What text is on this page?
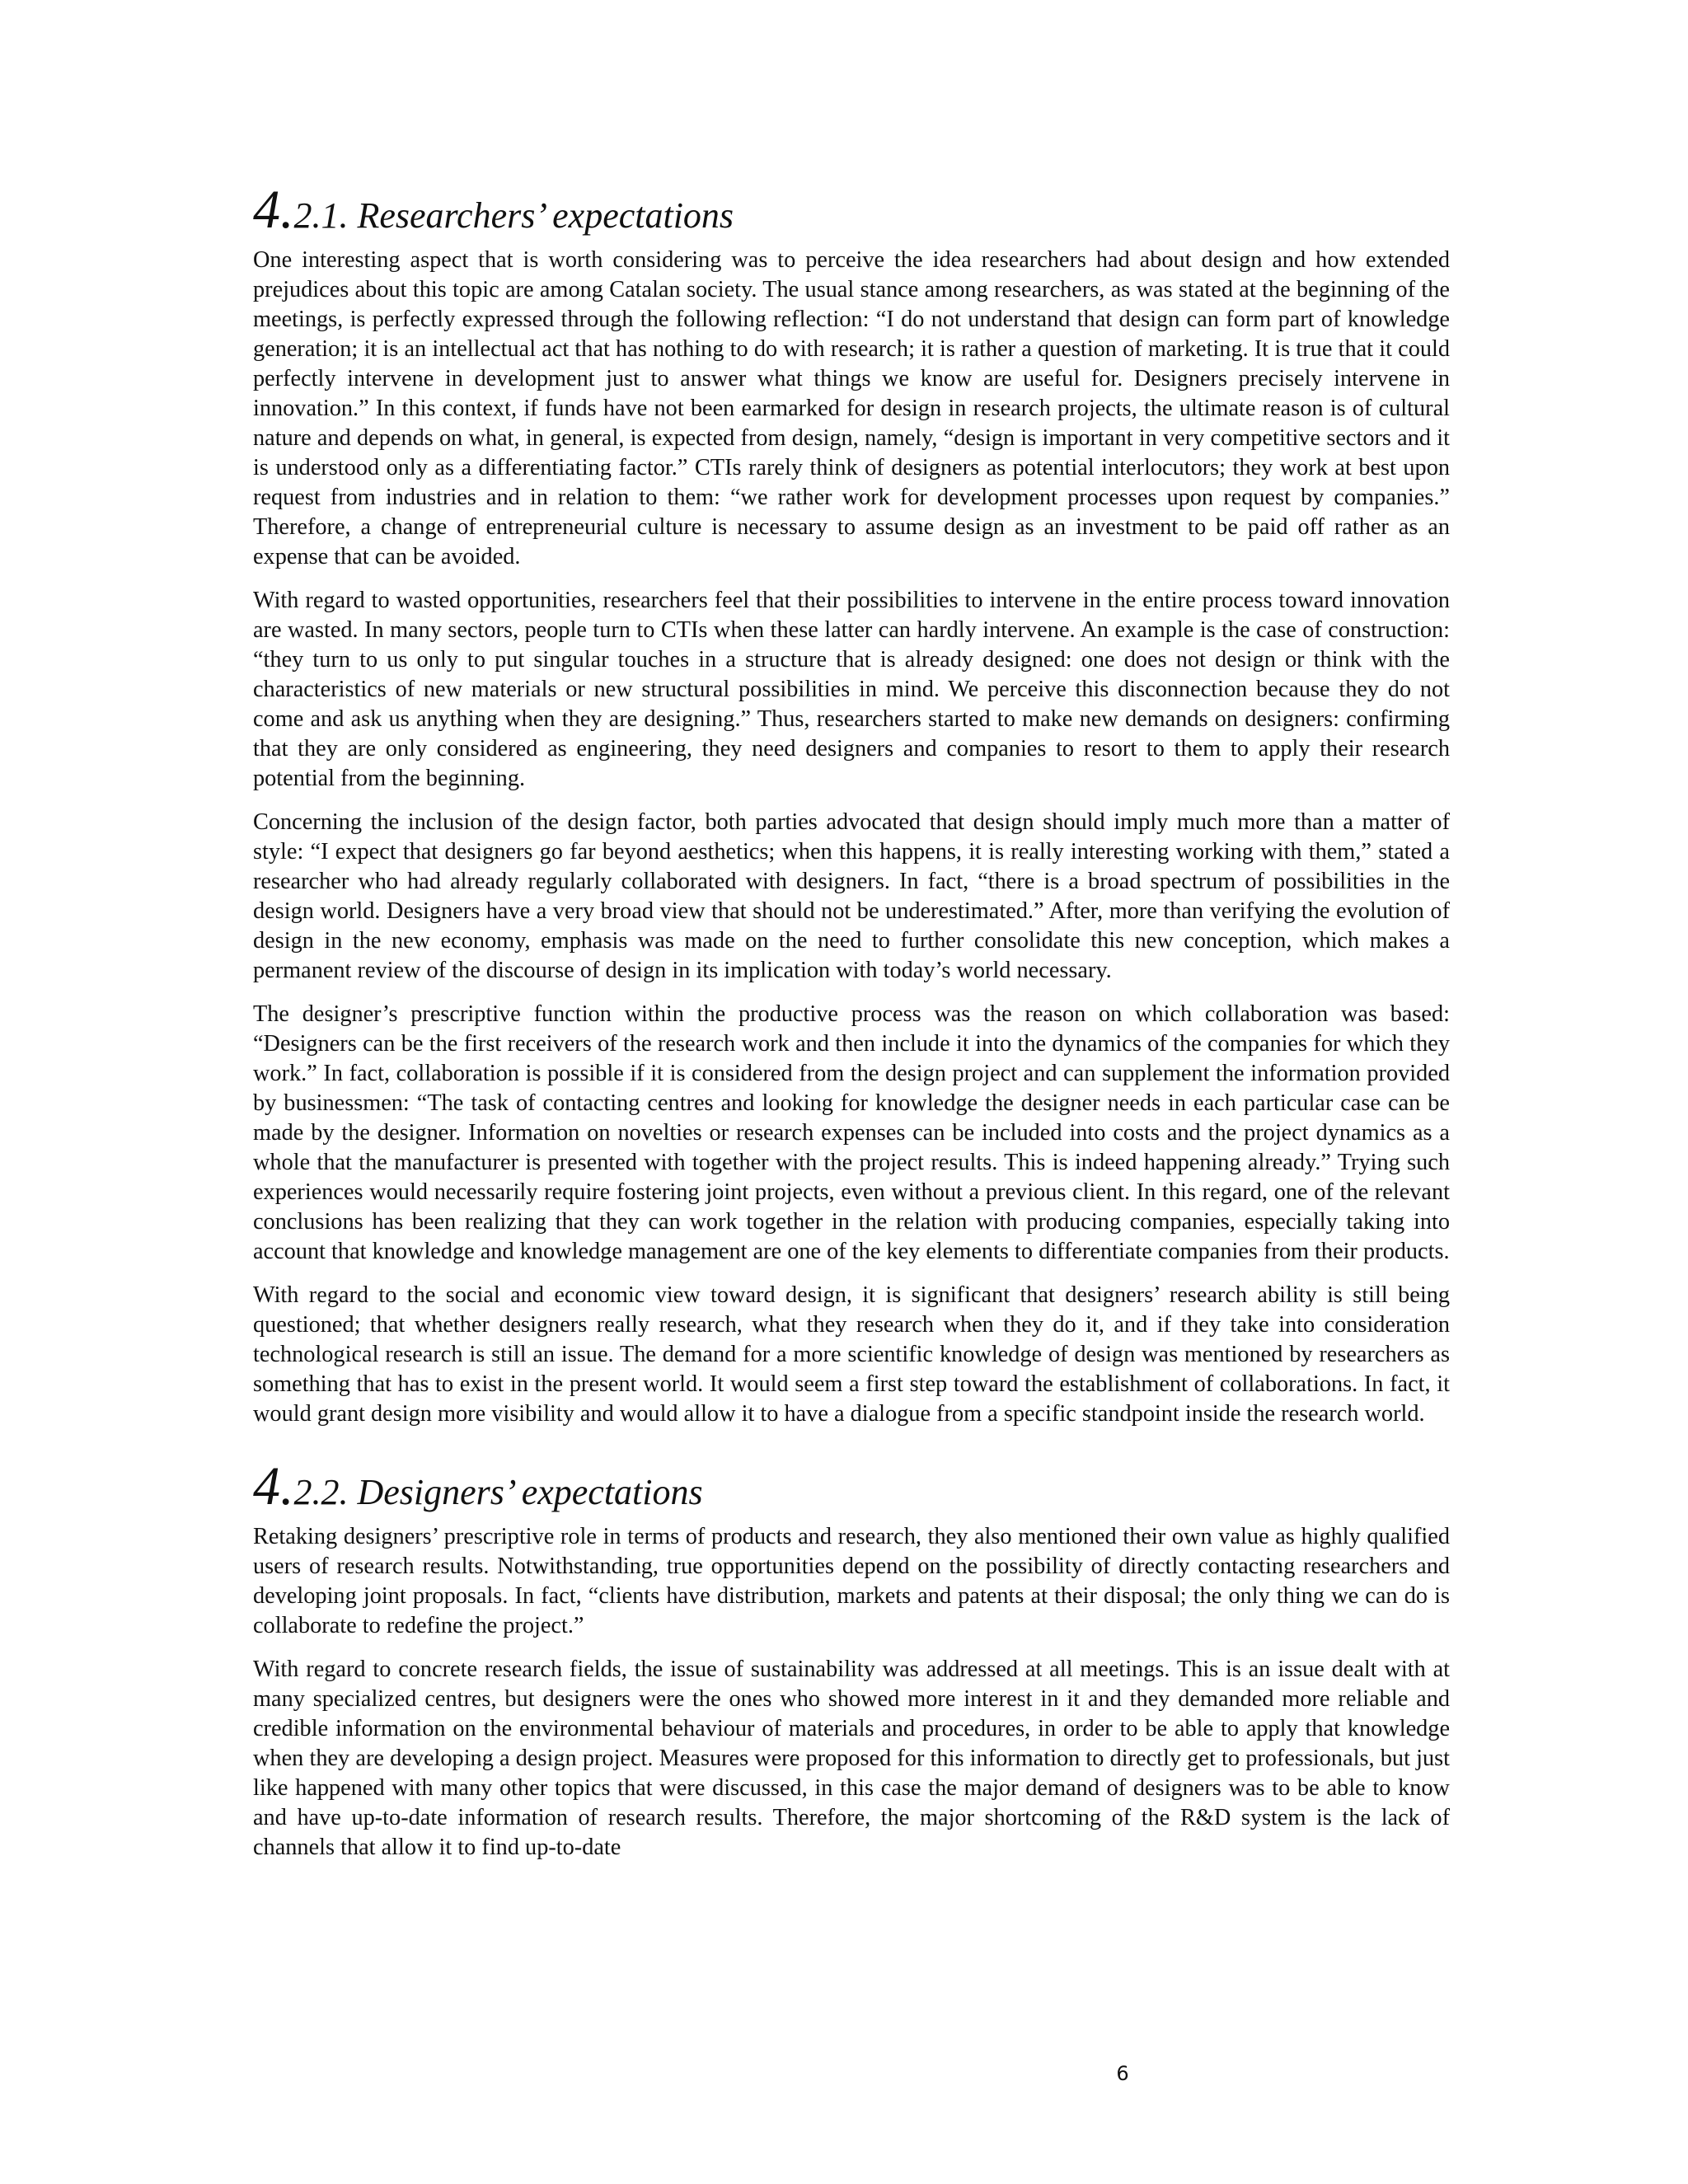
4.2.1. Researchers’ expectations

One interesting aspect that is worth considering was to perceive the idea researchers had about design and how extended prejudices about this topic are among Catalan society. The usual stance among researchers, as was stated at the beginning of the meetings, is perfectly expressed through the following reflection: “I do not understand that design can form part of knowledge generation; it is an intellectual act that has nothing to do with research; it is rather a question of marketing. It is true that it could perfectly intervene in development just to answer what things we know are useful for. Designers precisely intervene in innovation.” In this context, if funds have not been earmarked for design in research projects, the ultimate reason is of cultural nature and depends on what, in general, is expected from design, namely, “design is important in very competitive sectors and it is understood only as a differentiating factor.” CTIs rarely think of designers as potential interlocutors; they work at best upon request from industries and in relation to them: “we rather work for development processes upon request by companies.” Therefore, a change of entrepreneurial culture is necessary to assume design as an investment to be paid off rather as an expense that can be avoided.

With regard to wasted opportunities, researchers feel that their possibilities to intervene in the entire process toward innovation are wasted. In many sectors, people turn to CTIs when these latter can hardly intervene. An example is the case of construction: “they turn to us only to put singular touches in a structure that is already designed: one does not design or think with the characteristics of new materials or new structural possibilities in mind. We perceive this disconnection because they do not come and ask us anything when they are designing.” Thus, researchers started to make new demands on designers: confirming that they are only considered as engineering, they need designers and companies to resort to them to apply their research potential from the beginning.

Concerning the inclusion of the design factor, both parties advocated that design should imply much more than a matter of style: “I expect that designers go far beyond aesthetics; when this happens, it is really interesting working with them,” stated a researcher who had already regularly collaborated with designers. In fact, “there is a broad spectrum of possibilities in the design world. Designers have a very broad view that should not be underestimated.” After, more than verifying the evolution of design in the new economy, emphasis was made on the need to further consolidate this new conception, which makes a permanent review of the discourse of design in its implication with today’s world necessary.

The designer’s prescriptive function within the productive process was the reason on which collaboration was based: “Designers can be the first receivers of the research work and then include it into the dynamics of the companies for which they work.” In fact, collaboration is possible if it is considered from the design project and can supplement the information provided by businessmen: “The task of contacting centres and looking for knowledge the designer needs in each particular case can be made by the designer. Information on novelties or research expenses can be included into costs and the project dynamics as a whole that the manufacturer is presented with together with the project results. This is indeed happening already.” Trying such experiences would necessarily require fostering joint projects, even without a previous client. In this regard, one of the relevant conclusions has been realizing that they can work together in the relation with producing companies, especially taking into account that knowledge and knowledge management are one of the key elements to differentiate companies from their products.

With regard to the social and economic view toward design, it is significant that designers’ research ability is still being questioned; that whether designers really research, what they research when they do it, and if they take into consideration technological research is still an issue. The demand for a more scientific knowledge of design was mentioned by researchers as something that has to exist in the present world. It would seem a first step toward the establishment of collaborations. In fact, it would grant design more visibility and would allow it to have a dialogue from a specific standpoint inside the research world.

4.2.2. Designers’ expectations

Retaking designers’ prescriptive role in terms of products and research, they also mentioned their own value as highly qualified users of research results. Notwithstanding, true opportunities depend on the possibility of directly contacting researchers and developing joint proposals. In fact, “clients have distribution, markets and patents at their disposal; the only thing we can do is collaborate to redefine the project.”

With regard to concrete research fields, the issue of sustainability was addressed at all meetings. This is an issue dealt with at many specialized centres, but designers were the ones who showed more interest in it and they demanded more reliable and credible information on the environmental behaviour of materials and procedures, in order to be able to apply that knowledge when they are developing a design project. Measures were proposed for this information to directly get to professionals, but just like happened with many other topics that were discussed, in this case the major demand of designers was to be able to know and have up-to-date information of research results. Therefore, the major shortcoming of the R&D system is the lack of channels that allow it to find up-to-date

6
